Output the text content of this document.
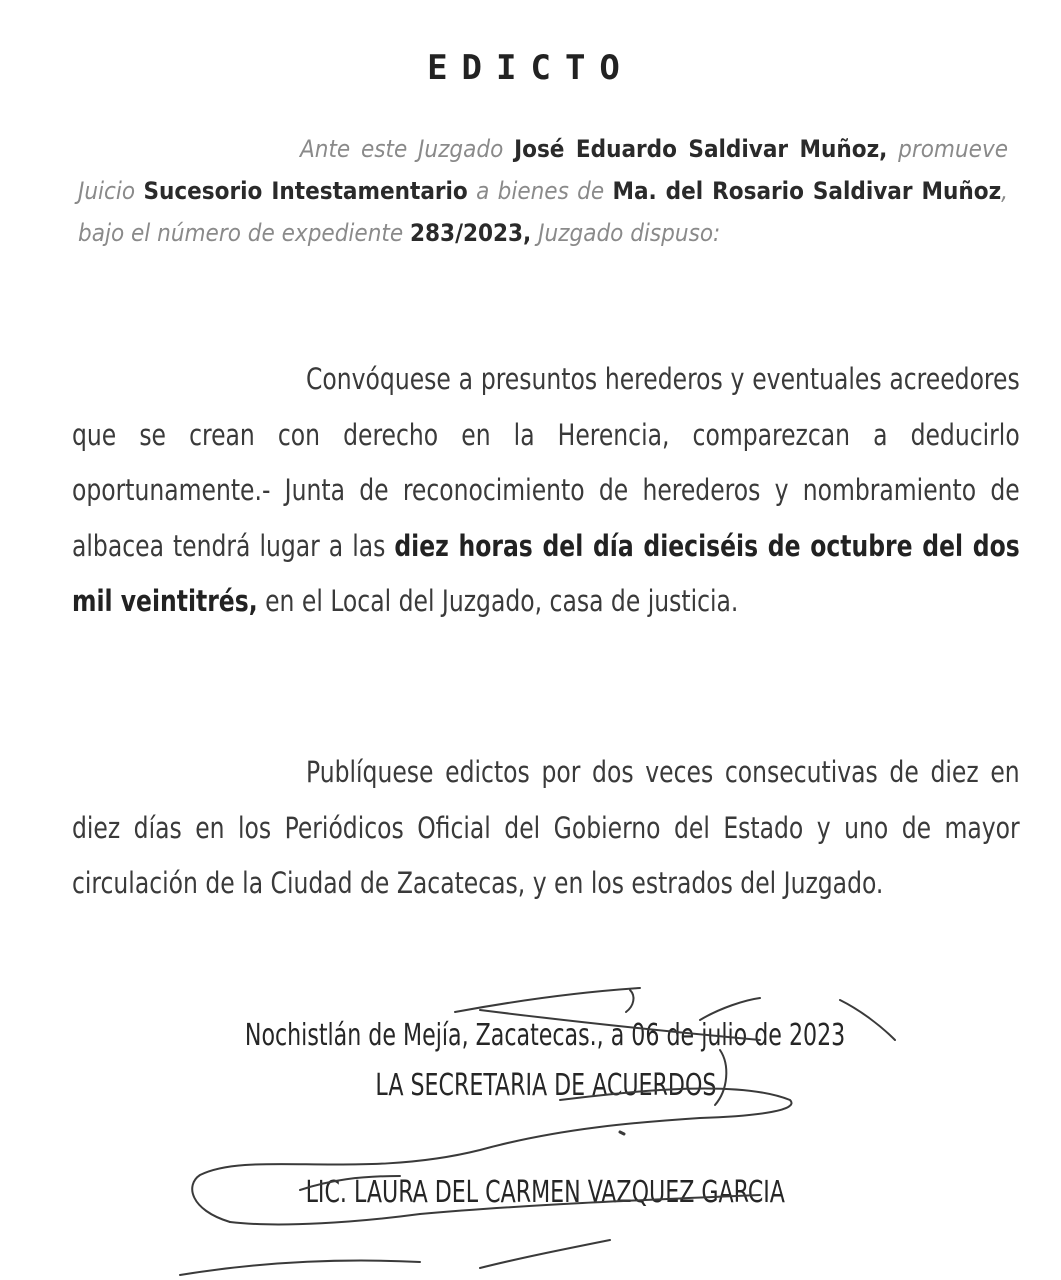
EDICTO
Ante este Juzgado José Eduardo Saldivar Muñoz, promueve Juicio Sucesorio Intestamentario a bienes de Ma. del Rosario Saldivar Muñoz, bajo el número de expediente 283/2023, Juzgado dispuso:
Convóquese a presuntos herederos y eventuales acreedores que se crean con derecho en la Herencia, comparezcan a deducirlo oportunamente.- Junta de reconocimiento de herederos y nombramiento de albacea tendrá lugar a las diez horas del día dieciséis de octubre del dos mil veintitrés, en el Local del Juzgado, casa de justicia.
Publíquese edictos por dos veces consecutivas de diez en diez días en los Periódicos Oficial del Gobierno del Estado y uno de mayor circulación de la Ciudad de Zacatecas, y en los estrados del Juzgado.
Nochistlán de Mejía, Zacatecas., a 06 de julio de 2023
LA SECRETARIA DE ACUERDOS
LIC. LAURA DEL CARMEN VAZQUEZ GARCIA
